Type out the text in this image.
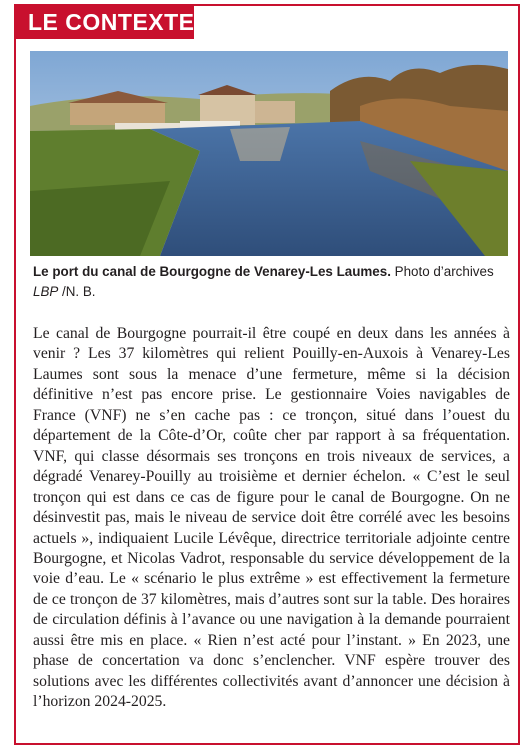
LE CONTEXTE
Le port du canal de Bourgogne de Venarey-Les Laumes. Photo d’archives LBP /N. B.

Le canal de Bourgogne pourrait-il être coupé en deux dans les années à venir ? Les 37 kilomètres qui relient Pouilly-en-Auxois à Venarey-Les Laumes sont sous la menace d’une fermeture, même si la décision définitive n’est pas encore prise. Le gestionnaire Voies navigables de France (VNF) ne s’en cache pas : ce tronçon, situé dans l’ouest du département de la Côte-d’Or, coûte cher par rapport à sa fréquentation. VNF, qui classe désormais ses tronçons en trois niveaux de services, a dégradé Venarey-Pouilly au troisième et dernier échelon. « C’est le seul tronçon qui est dans ce cas de figure pour le canal de Bourgogne. On ne désinvestit pas, mais le niveau de service doit être corrélé avec les besoins actuels », indiquaient Lucile Lévêque, directrice territoriale adjointe centre Bourgogne, et Nicolas Vadrot, responsable du service développement de la voie d’eau. Le « scénario le plus extrême » est effectivement la fermeture de ce tronçon de 37 kilomètres, mais d’autres sont sur la table. Des horaires de circulation définis à l’avance ou une navigation à la demande pourraient aussi être mis en place. « Rien n’est acté pour l’instant. » En 2023, une phase de concertation va donc s’enclencher. VNF espère trouver des solutions avec les différentes collectivités avant d’annoncer une décision à l’horizon 2024-2025.
